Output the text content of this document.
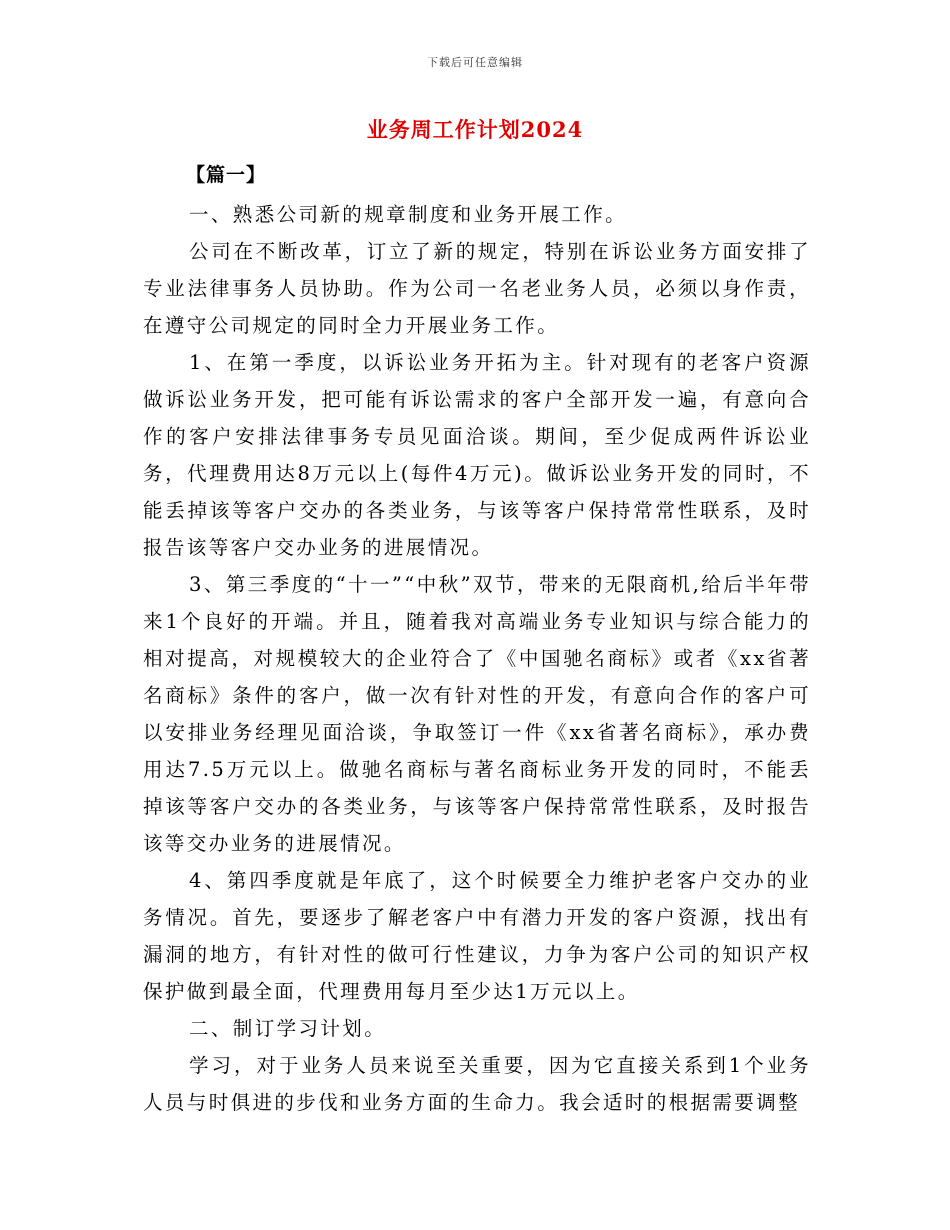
下载后可任意编辑
业务周工作计划2024
【篇一】

一、熟悉公司新的规章制度和业务开展工作。

公司在不断改革，订立了新的规定，特别在诉讼业务方面安排了专业法律事务人员协助。作为公司一名老业务人员，必须以身作责，在遵守公司规定的同时全力开展业务工作。

1、在第一季度，以诉讼业务开拓为主。针对现有的老客户资源做诉讼业务开发，把可能有诉讼需求的客户全部开发一遍，有意向合作的客户安排法律事务专员见面洽谈。期间，至少促成两件诉讼业务，代理费用达8万元以上(每件4万元)。做诉讼业务开发的同时，不能丢掉该等客户交办的各类业务，与该等客户保持常常性联系，及时报告该等客户交办业务的进展情况。

3、第三季度的“十一”“中秋”双节，带来的无限商机,给后半年带来1个良好的开端。并且，随着我对高端业务专业知识与综合能力的相对提高，对规模较大的企业符合了《中国驰名商标》或者《xx省著名商标》条件的客户，做一次有针对性的开发，有意向合作的客户可以安排业务经理见面洽谈，争取签订一件《xx省著名商标》，承办费用达7.5万元以上。做驰名商标与著名商标业务开发的同时，不能丢掉该等客户交办的各类业务，与该等客户保持常常性联系，及时报告该等交办业务的进展情况。

4、第四季度就是年底了，这个时候要全力维护老客户交办的业务情况。首先，要逐步了解老客户中有潜力开发的客户资源，找出有漏洞的地方，有针对性的做可行性建议，力争为客户公司的知识产权保护做到最全面，代理费用每月至少达1万元以上。

二、制订学习计划。

学习，对于业务人员来说至关重要，因为它直接关系到1个业务人员与时俱进的步伐和业务方面的生命力。我会适时的根据需要调整
